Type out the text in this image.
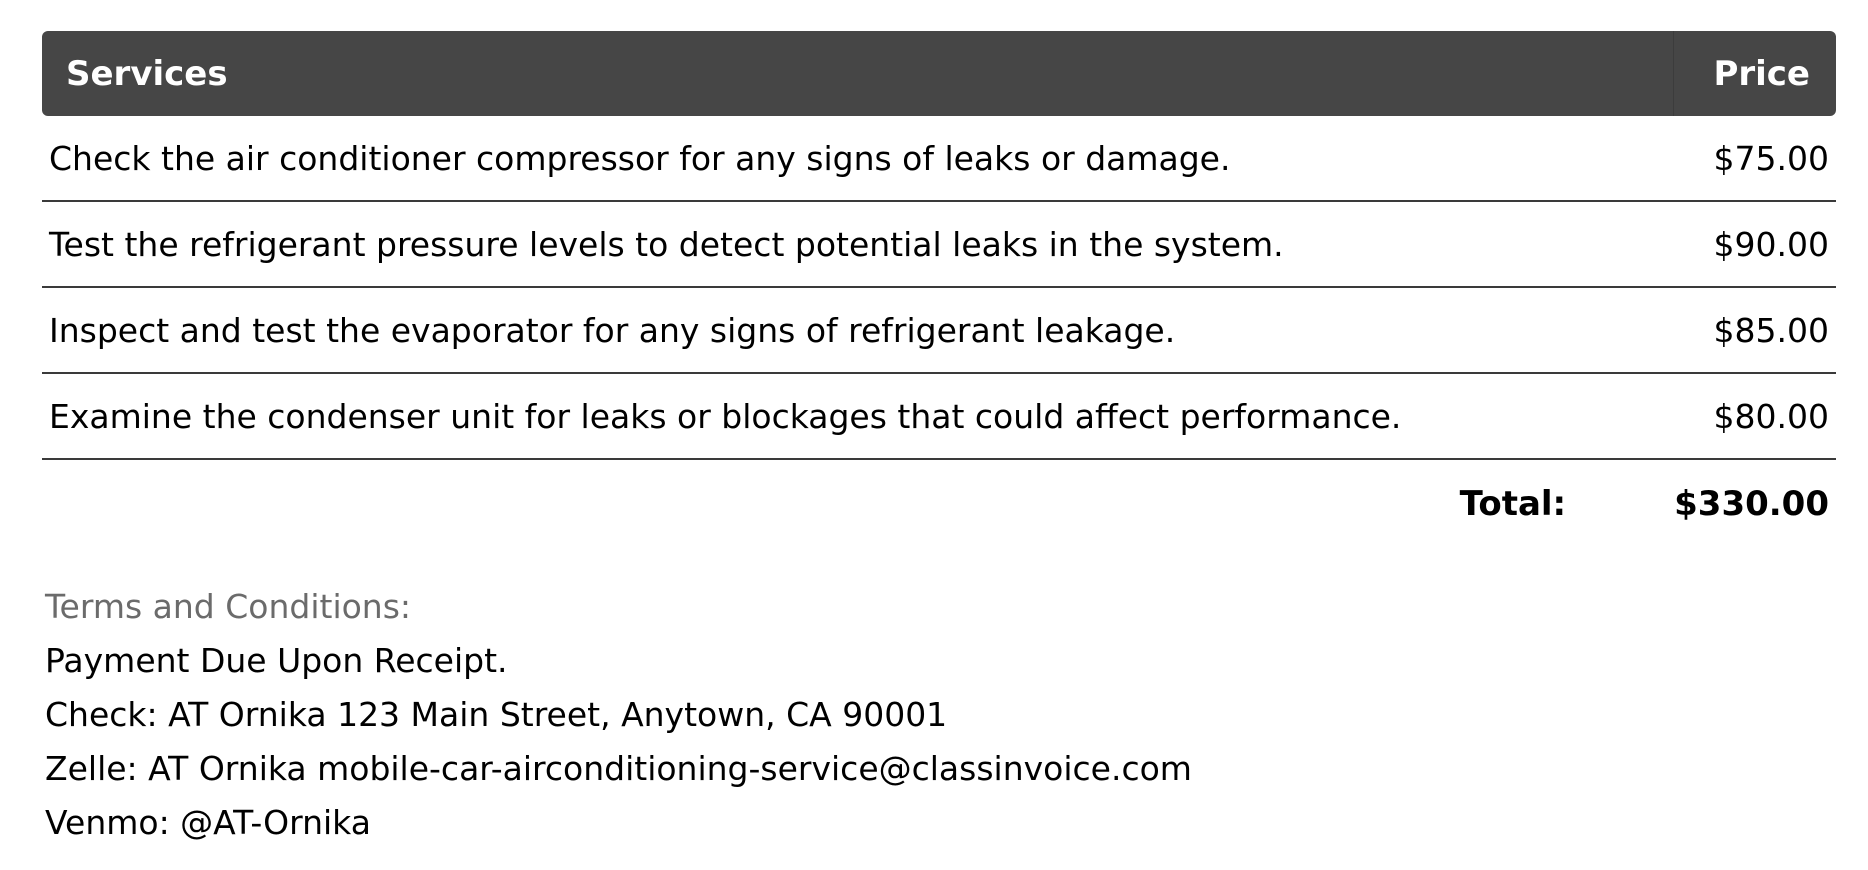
Services	Price
Check the air conditioner compressor for any signs of leaks or damage.	$75.00
Test the refrigerant pressure levels to detect potential leaks in the system.	$90.00
Inspect and test the evaporator for any signs of refrigerant leakage.	$85.00
Examine the condenser unit for leaks or blockages that could affect performance.	$80.00
Total:	$330.00
Terms and Conditions:
Payment Due Upon Receipt.
Check: AT Ornika 123 Main Street, Anytown, CA 90001
Zelle: AT Ornika mobile-car-airconditioning-service@classinvoice.com
Venmo: @AT-Ornika
